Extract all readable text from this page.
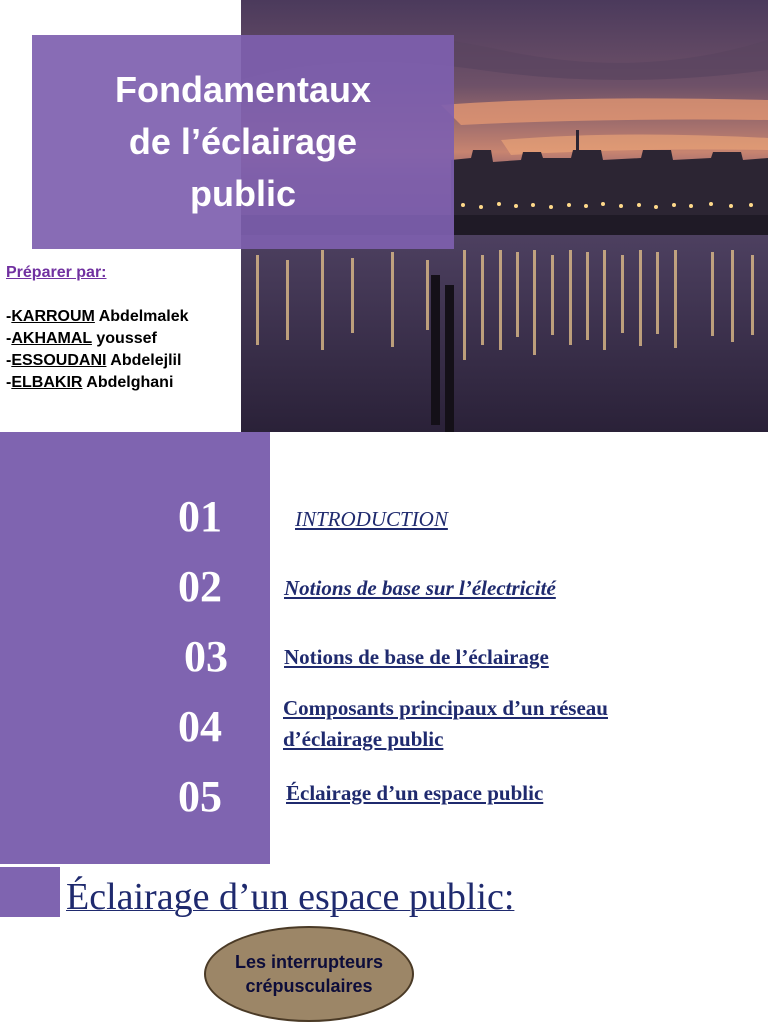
Fondamentaux
de l’éclairage
public
Préparer par:
-KARROUM Abdelmalek
-AKHAMAL youssef
-ESSOUDANI Abdelejlil
-ELBAKIR Abdelghani
01
02
03
04
05
INTRODUCTION
Notions de base sur l’électricité
Notions de base de l’éclairage
Composants principaux d’un réseau
d’éclairage public
Éclairage d’un espace public
Éclairage d’un espace public:
Les interrupteurs
crépusculaires
